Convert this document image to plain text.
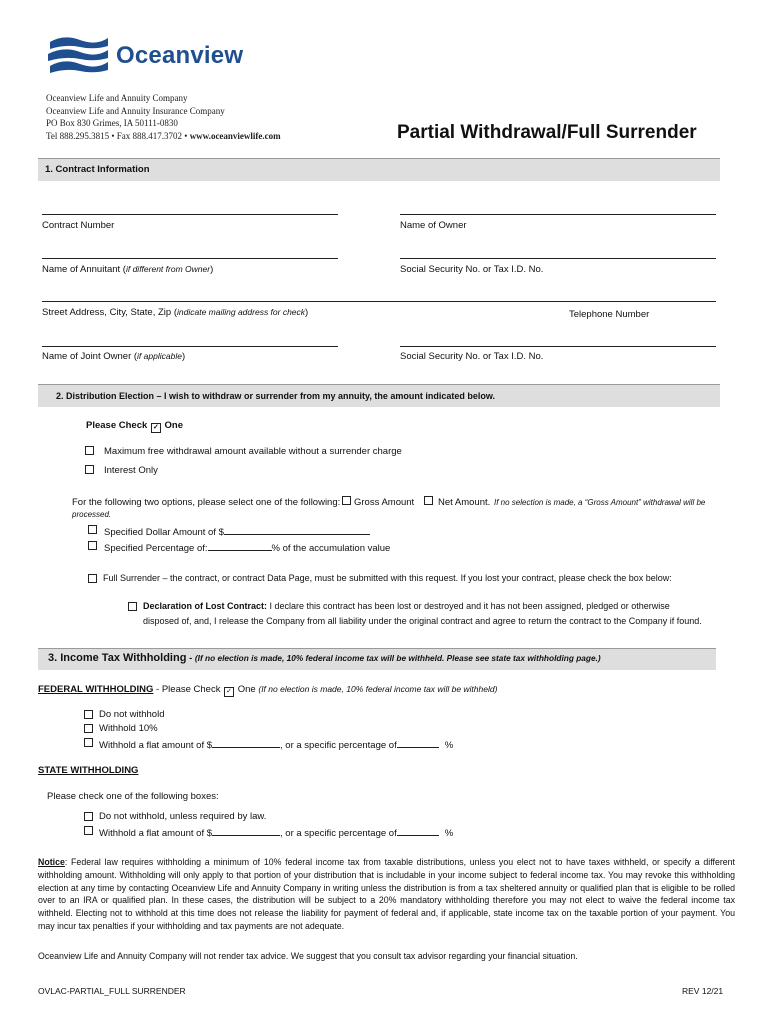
Oceanview
Oceanview Life and Annuity Company
Oceanview Life and Annuity Insurance Company
PO Box 830 Grimes, IA 50111-0830
Tel 888.295.3815 • Fax 888.417.3702 • www.oceanviewlife.com	Partial Withdrawal/Full Surrender
1. Contract Information
Contract Number	Name of Owner
Name of Annuitant (if different from Owner)	Social Security No. or Tax I.D. No.
Street Address, City, State, Zip (indicate mailing address for check)	Telephone Number
Name of Joint Owner (if applicable)	Social Security No. or Tax I.D. No.
2. Distribution Election – I wish to withdraw or surrender from my annuity, the amount indicated below.
Please Check ✓ One
Maximum free withdrawal amount available without a surrender charge
Interest Only
For the following two options, please select one of the following: Gross Amount	Net Amount. If no selection is made, a “Gross Amount” withdrawal will be
processed.
Specified Dollar Amount of $
Specified Percentage of:	% of the accumulation value
Full Surrender – the contract, or contract Data Page, must be submitted with this request. If you lost your contract, please check the box below:
Declaration of Lost Contract: I declare this contract has been lost or destroyed and it has not been assigned, pledged or otherwise
disposed of, and, I release the Company from all liability under the original contract and agree to return the contract to the Company if found.
3. Income Tax Withholding - (If no election is made, 10% federal income tax will be withheld. Please see state tax withholding page.)
FEDERAL WITHHOLDING - Please Check ✓ One (If no election is made, 10% federal income tax will be withheld)
Do not withhold
Withhold 10%
Withhold a flat amount of $	, or a specific percentage of	%
STATE WITHHOLDING
Please check one of the following boxes:
Do not withhold, unless required by law.
Withhold a flat amount of $	, or a specific percentage of	%
Notice: Federal law requires withholding a minimum of 10% federal income tax from taxable distributions, unless you elect not to have taxes withheld, or specify a different withholding amount. Withholding will only apply to that portion of your distribution that is includable in your income subject to federal income tax. You may revoke this withholding election at any time by contacting Oceanview Life and Annuity Company in writing unless the distribution is from a tax sheltered annuity or qualified plan that is eligible to be rolled over to an IRA or qualified plan. In these cases, the distribution will be subject to a 20% mandatory withholding therefore you may not elect to waive the federal income tax withheld. Electing not to withhold at this time does not release the liability for payment of federal and, if applicable, state income tax on the taxable portion of your payment. You may incur tax penalties if your withholding and tax payments are not adequate.
Oceanview Life and Annuity Company will not render tax advice. We suggest that you consult tax advisor regarding your financial situation.
OVLAC-PARTIAL_FULL SURRENDER	REV 12/21
